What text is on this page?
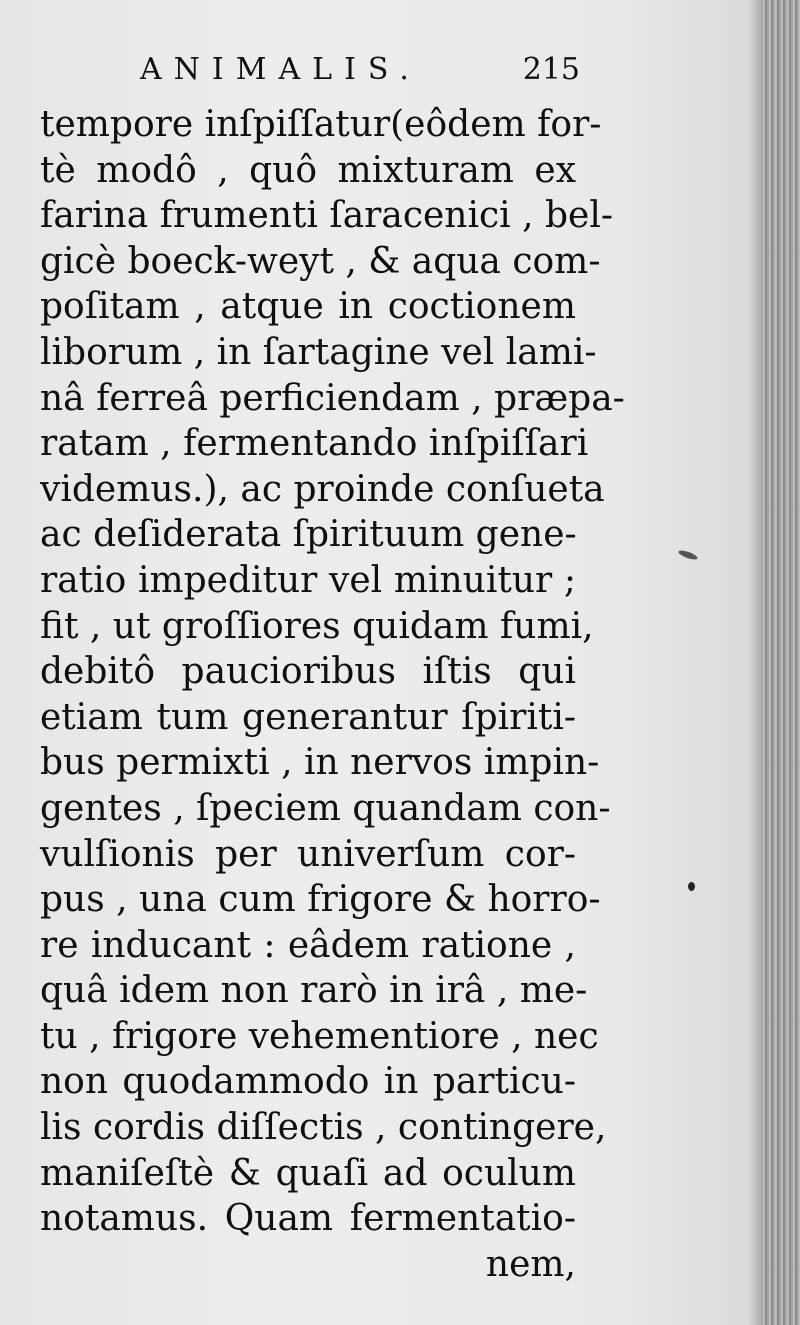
ANIMALIS.	215
tempore inſpiſſatur(eôdem for-
tè modô , quô mixturam ex
farina frumenti ſaracenici , bel-
gicè boeck-weyt , & aqua com-
poſitam , atque in coctionem
liborum , in ſartagine vel lami-
nâ ferreâ perficiendam , præpa-
ratam , fermentando inſpiſſari
videmus.), ac proinde conſueta
ac deſiderata ſpirituum gene-
ratio impeditur vel minuitur ;
fit , ut groſſiores quidam fumi,
debitô paucioribus iſtis qui
etiam tum generantur ſpiriti-
bus permixti , in nervos impin-
gentes , ſpeciem quandam con-
vulſionis per univerſum cor-
pus , una cum frigore & horro-
re inducant : eâdem ratione ,
quâ idem non rarò in irâ , me-
tu , frigore vehementiore , nec
non quodammodo in particu-
lis cordis diſſectis , contingere,
maniſeſtè & quaſi ad oculum
notamus. Quam fermentatio-
nem,
